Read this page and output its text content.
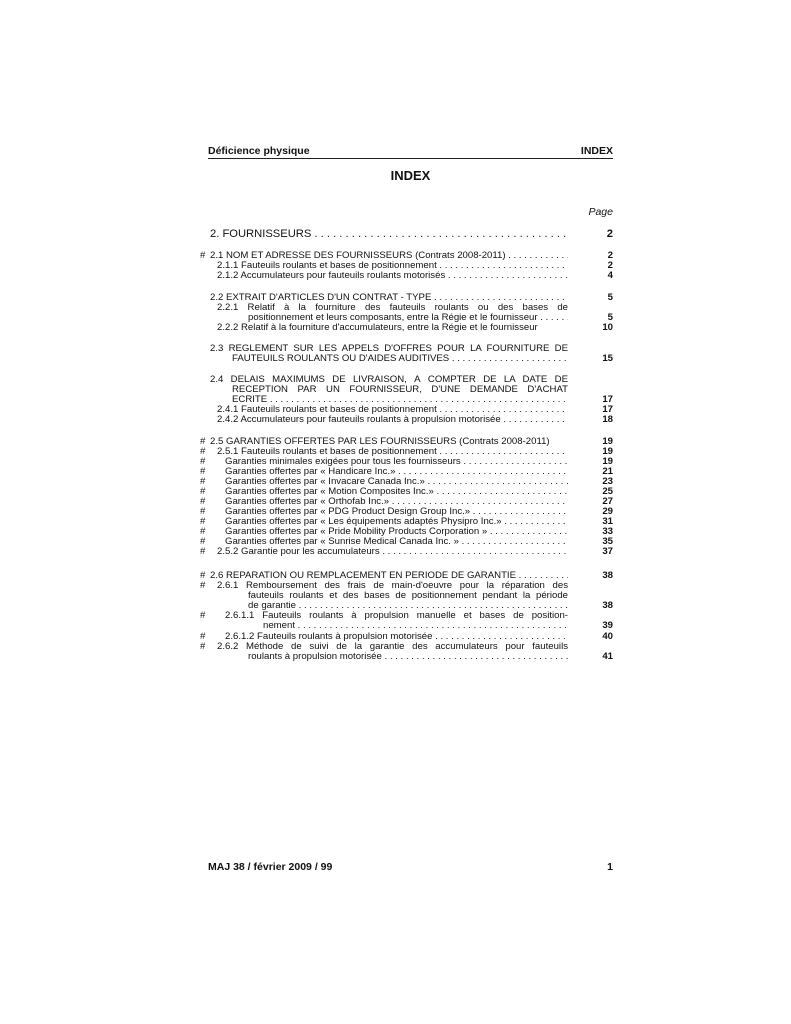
Déficience physique	INDEX
INDEX
Page
2. FOURNISSEURS . . .	2
# 2.1 NOM ET ADRESSE DES FOURNISSEURS (Contrats 2008-2011) . . .	2
2.1.1 Fauteuils roulants et bases de positionnement . . .	2
2.1.2 Accumulateurs pour fauteuils roulants motorisés . . .	4
2.2 EXTRAIT D'ARTICLES D'UN CONTRAT - TYPE . . .	5
2.2.1 Relatif à la fourniture des fauteuils roulants ou des bases de
positionnement et leurs composants, entre la Régie et le fournisseur . . .	5
2.2.2 Relatif à la fourniture d'accumulateurs, entre la Régie et le fournisseur	10
2.3 RÈGLEMENT SUR LES APPELS D'OFFRES POUR LA FOURNITURE DE
FAUTEUILS ROULANTS OU D'AIDES AUDITIVES . . .	15
2.4 DÉLAIS MAXIMUMS DE LIVRAISON, À COMPTER DE LA DATE DE
RÉCEPTION PAR UN FOURNISSEUR, D'UNE DEMANDE D'ACHAT
ÉCRITE . . .	17
2.4.1 Fauteuils roulants et bases de positionnement . . .	17
2.4.2 Accumulateurs pour fauteuils roulants à propulsion motorisée . . .	18
# 2.5 GARANTIES OFFERTES PAR LES FOURNISSEURS (Contrats 2008-2011)	19
# 2.5.1 Fauteuils roulants et bases de positionnement . . .	19
# Garanties minimales exigées pour tous les fournisseurs . . .	19
# Garanties offertes par « Handicare Inc.» . . .	21
# Garanties offertes par « Invacare Canada Inc.» . . .	23
# Garanties offertes par « Motion Composites Inc.» . . .	25
# Garanties offertes par « Orthofab Inc.» . . .	27
# Garanties offertes par « PDG Product Design Group Inc.» . . .	29
# Garanties offertes par « Les équipements adaptés Physipro Inc.» . . .	31
# Garanties offertes par « Pride Mobility Products Corporation » . . .	33
# Garanties offertes par « Sunrise Medical Canada Inc. » . . .	35
# 2.5.2 Garantie pour les accumulateurs . . .	37
# 2.6 RÉPARATION OU REMPLACEMENT EN PÉRIODE DE GARANTIE . . .	38
# 2.6.1 Remboursement des frais de main-d'oeuvre pour la réparation des
fauteuils roulants et des bases de positionnement pendant la période
de garantie . . .	38
# 2.6.1.1 Fauteuils roulants à propulsion manuelle et bases de position-
nement . . .	39
# 2.6.1.2 Fauteuils roulants à propulsion motorisée . . .	40
# 2.6.2 Méthode de suivi de la garantie des accumulateurs pour fauteuils
roulants à propulsion motorisée . . .	41
MAJ 38 / février 2009 / 99	1
